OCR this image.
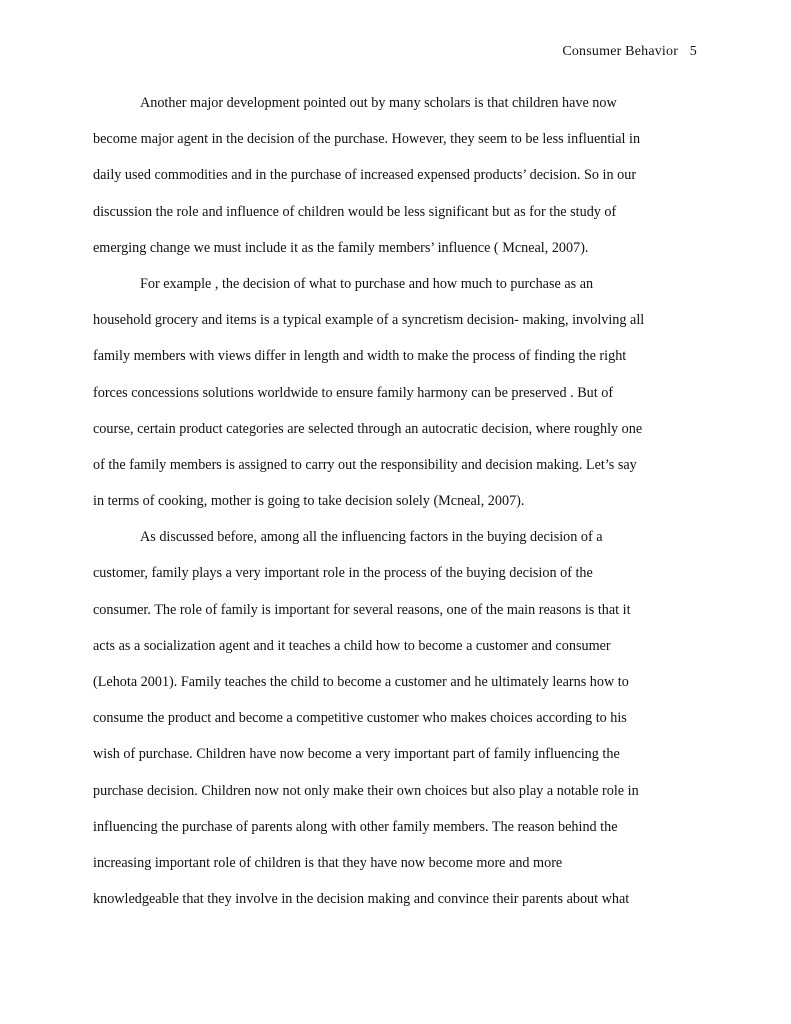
Consumer Behavior 5
Another major development pointed out by many scholars is that children have now
become major agent in the decision of the purchase. However, they seem to be less influential in
daily used commodities and in the purchase of increased expensed products’ decision. So in our
discussion the role and influence of children would be less significant but as for the study of
emerging change we must include it as the family members’ influence ( Mcneal, 2007).
For example , the decision of what to purchase and how much to purchase as an
household grocery and items is a typical example of a syncretism decision- making, involving all
family members with views differ in length and width to make the process of finding the right
forces concessions solutions worldwide to ensure family harmony can be preserved . But of
course, certain product categories are selected through an autocratic decision, where roughly one
of the family members is assigned to carry out the responsibility and decision making. Let’s say
in terms of cooking, mother is going to take decision solely (Mcneal, 2007).
As discussed before, among all the influencing factors in the buying decision of a
customer, family plays a very important role in the process of the buying decision of the
consumer. The role of family is important for several reasons, one of the main reasons is that it
acts as a socialization agent and it teaches a child how to become a customer and consumer
(Lehota 2001). Family teaches the child to become a customer and he ultimately learns how to
consume the product and become a competitive customer who makes choices according to his
wish of purchase. Children have now become a very important part of family influencing the
purchase decision. Children now not only make their own choices but also play a notable role in
influencing the purchase of parents along with other family members. The reason behind the
increasing important role of children is that they have now become more and more
knowledgeable that they involve in the decision making and convince their parents about what
